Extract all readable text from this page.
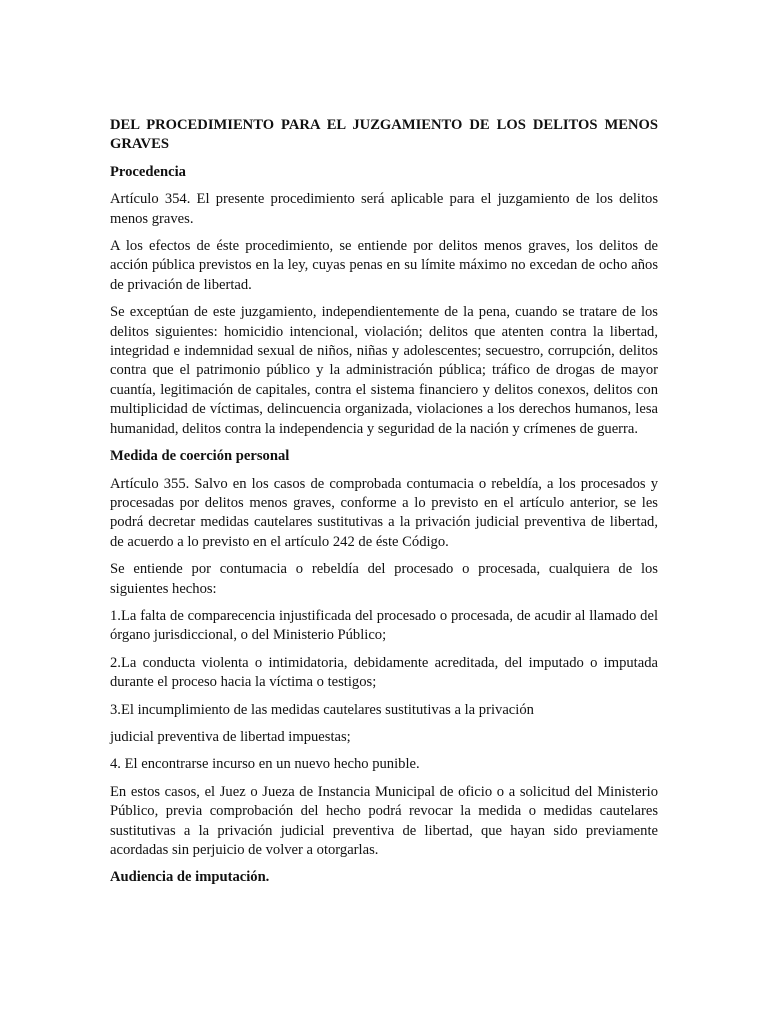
DEL PROCEDIMIENTO PARA EL JUZGAMIENTO DE LOS DELITOS MENOS GRAVES
Procedencia

Artículo 354. El presente procedimiento será aplicable para el juzgamiento de los delitos menos graves.

A los efectos de éste procedimiento, se entiende por delitos menos graves, los delitos de acción pública previstos en la ley, cuyas penas en su límite máximo no excedan de ocho años de privación de libertad.

Se exceptúan de este juzgamiento, independientemente de la pena, cuando se tratare de los delitos siguientes: homicidio intencional, violación; delitos que atenten contra la libertad, integridad e indemnidad sexual de niños, niñas y adolescentes; secuestro, corrupción, delitos contra que el patrimonio público y la administración pública; tráfico de drogas de mayor cuantía, legitimación de capitales, contra el sistema financiero y delitos conexos, delitos con multiplicidad de víctimas, delincuencia organizada, violaciones a los derechos humanos, lesa humanidad, delitos contra la independencia y seguridad de la nación y crímenes de guerra.

Medida de coerción personal

Artículo 355. Salvo en los casos de comprobada contumacia o rebeldía, a los procesados y procesadas por delitos menos graves, conforme a lo previsto en el artículo anterior, se les podrá decretar medidas cautelares sustitutivas a la privación judicial preventiva de libertad, de acuerdo a lo previsto en el artículo 242 de éste Código.

Se entiende por contumacia o rebeldía del procesado o procesada, cualquiera de los siguientes hechos:

1.La falta de comparecencia injustificada del procesado o procesada, de acudir al llamado del órgano jurisdiccional, o del Ministerio Público;

2.La conducta violenta o intimidatoria, debidamente acreditada, del imputado o imputada durante el proceso hacia la víctima o testigos;

3.El incumplimiento de las medidas cautelares sustitutivas a la privación

judicial preventiva de libertad impuestas;

4. El encontrarse incurso en un nuevo hecho punible.

En estos casos, el Juez o Jueza de Instancia Municipal de oficio o a solicitud del Ministerio Público, previa comprobación del hecho podrá revocar la medida o medidas cautelares sustitutivas a la privación judicial preventiva de libertad, que hayan sido previamente acordadas sin perjuicio de volver a otorgarlas.

Audiencia de imputación.
